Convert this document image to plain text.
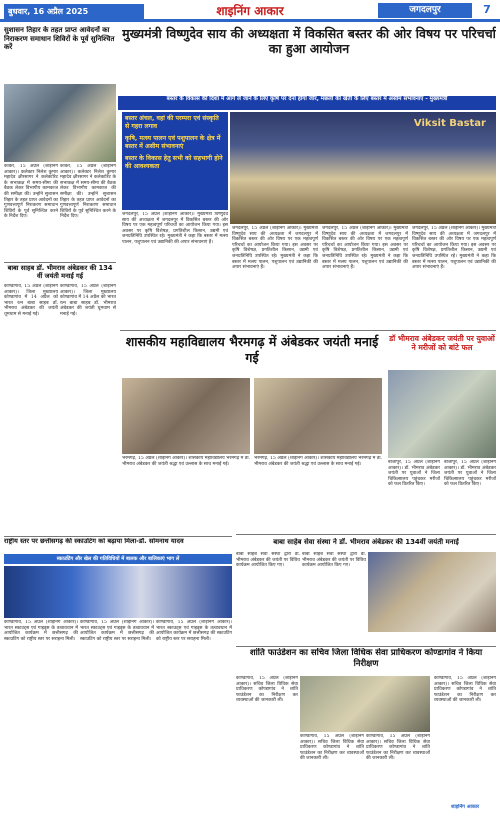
बुधवार, 16 अप्रैल 2025	शाइनिंग आकार	जगदलपुर	7
सुशासन तिहार के तहत प्राप्त आवेदनों का निराकरण समाधान शिविरों के पूर्व सुनिश्चित करें
कांकेर, 15 अप्रैल (शाइनिंग आकार)। कलेक्टर निलेश कुमार महादेव क्षीरसागर ने कलेक्टोरेट के सभाकक्ष में समय-सीमा की बैठक लेकर विभागीय कामकाज की समीक्षा की। उन्होंने सुशासन तिहार के तहत प्राप्त आवेदनों का गुणवत्तापूर्ण निराकरण समाधान शिविरों के पूर्व सुनिश्चित करने के निर्देश दिए।
कांकेर, 15 अप्रैल (शाइनिंग आकार)। कलेक्टर निलेश कुमार महादेव क्षीरसागर ने कलेक्टोरेट के सभाकक्ष में समय-सीमा की बैठक लेकर विभागीय कामकाज की समीक्षा की। उन्होंने सुशासन तिहार के तहत प्राप्त आवेदनों का गुणवत्तापूर्ण निराकरण समाधान शिविरों के पूर्व सुनिश्चित करने के निर्देश दिए।
मुख्यमंत्री विष्णुदेव साय की अध्यक्षता में विकसित बस्तर की ओर विषय पर परिचर्चा का हुआ आयोजन
बस्तर के विकास की दिशा में आगे ले जाने के लिए कृषि पर देना होगा जोर, मछली की खेती के लिए बस्तर में असीम संभावनाएं - मुख्यमंत्री
Viksit Bastar
बस्तर अंचल, वहां की परम्परा एवं संस्कृति से गहरा लगाव
कृषि, मत्स्य पालन एवं पशुपालन के क्षेत्र में बस्तर में असीम संभावनाएं
बस्तर के विकास हेतु सभी को सहभागी होने की आवश्यकता
जगदलपुर, 15 अप्रैल (शाइनिंग आकार)। मुख्यमंत्री विष्णुदेव साय की अध्यक्षता में जगदलपुर में विकसित बस्तर की ओर विषय पर एक महत्वपूर्ण परिचर्चा का आयोजन किया गया। इस अवसर पर कृषि विशेषज्ञ, प्रगतिशील किसान, उद्यमी एवं जनप्रतिनिधि उपस्थित रहे। मुख्यमंत्री ने कहा कि बस्तर में मत्स्य पालन, पशुपालन एवं उद्यानिकी की अपार संभावनाएं हैं।
जगदलपुर, 15 अप्रैल (शाइनिंग आकार)। मुख्यमंत्री विष्णुदेव साय की अध्यक्षता में जगदलपुर में विकसित बस्तर की ओर विषय पर एक महत्वपूर्ण परिचर्चा का आयोजन किया गया। इस अवसर पर कृषि विशेषज्ञ, प्रगतिशील किसान, उद्यमी एवं जनप्रतिनिधि उपस्थित रहे। मुख्यमंत्री ने कहा कि बस्तर में मत्स्य पालन, पशुपालन एवं उद्यानिकी की अपार संभावनाएं हैं।
जगदलपुर, 15 अप्रैल (शाइनिंग आकार)। मुख्यमंत्री विष्णुदेव साय की अध्यक्षता में जगदलपुर में विकसित बस्तर की ओर विषय पर एक महत्वपूर्ण परिचर्चा का आयोजन किया गया। इस अवसर पर कृषि विशेषज्ञ, प्रगतिशील किसान, उद्यमी एवं जनप्रतिनिधि उपस्थित रहे। मुख्यमंत्री ने कहा कि बस्तर में मत्स्य पालन, पशुपालन एवं उद्यानिकी की अपार संभावनाएं हैं।
जगदलपुर, 15 अप्रैल (शाइनिंग आकार)। मुख्यमंत्री विष्णुदेव साय की अध्यक्षता में जगदलपुर में विकसित बस्तर की ओर विषय पर एक महत्वपूर्ण परिचर्चा का आयोजन किया गया। इस अवसर पर कृषि विशेषज्ञ, प्रगतिशील किसान, उद्यमी एवं जनप्रतिनिधि उपस्थित रहे। मुख्यमंत्री ने कहा कि बस्तर में मत्स्य पालन, पशुपालन एवं उद्यानिकी की अपार संभावनाएं हैं।
बाबा साहब डॉ. भीमराव अंबेडकर की 134 वीं जयंती मनाई गई
कोण्डागांव, 15 अप्रैल (शाइनिंग आकार)। जिला मुख्यालय कोण्डागांव में 14 अप्रैल को भारत रत्न बाबा साहब डॉ. भीमराव अंबेडकर की जयंती धूमधाम से मनाई गई।
कोण्डागांव, 15 अप्रैल (शाइनिंग आकार)। जिला मुख्यालय कोण्डागांव में 14 अप्रैल को भारत रत्न बाबा साहब डॉ. भीमराव अंबेडकर की जयंती धूमधाम से मनाई गई।
शासकीय महाविद्यालय भैरमगढ़ में अंबेडकर जयंती मनाई गई
भैरमगढ़, 15 अप्रैल (शाइनिंग आकार)। शासकीय महाविद्यालय भैरमगढ़ में डॉ. भीमराव अंबेडकर की जयंती श्रद्धा एवं उल्लास के साथ मनाई गई।
भैरमगढ़, 15 अप्रैल (शाइनिंग आकार)। शासकीय महाविद्यालय भैरमगढ़ में डॉ. भीमराव अंबेडकर की जयंती श्रद्धा एवं उल्लास के साथ मनाई गई।
डॉ भीमराव अंबेडकर जयंती पर युवाओं ने मरीजों को बांटे फल
बीजापुर, 15 अप्रैल (शाइनिंग आकार)। डॉ. भीमराव अंबेडकर जयंती पर युवाओं ने जिला चिकित्सालय पहुंचकर मरीजों को फल वितरित किए।
बीजापुर, 15 अप्रैल (शाइनिंग आकार)। डॉ. भीमराव अंबेडकर जयंती पर युवाओं ने जिला चिकित्सालय पहुंचकर मरीजों को फल वितरित किए।
राष्ट्रीय स्तर पर छत्तीसगढ़ की स्काउटिंग को बढ़ाया मिला-डॉ. सोमनाथ यादव
स्काउटिंग और खेल की गतिविधियों में बालक और बालिकाएं भाग लें
कोण्डागांव, 15 अप्रैल (शाइनिंग आकार)। भारत स्काउट्स एवं गाइड्स के तत्वावधान में आयोजित कार्यक्रम में छत्तीसगढ़ की स्काउटिंग को राष्ट्रीय स्तर पर सराहना मिली।
कोण्डागांव, 15 अप्रैल (शाइनिंग आकार)। भारत स्काउट्स एवं गाइड्स के तत्वावधान में आयोजित कार्यक्रम में छत्तीसगढ़ की स्काउटिंग को राष्ट्रीय स्तर पर सराहना मिली।
कोण्डागांव, 15 अप्रैल (शाइनिंग आकार)। भारत स्काउट्स एवं गाइड्स के तत्वावधान में आयोजित कार्यक्रम में छत्तीसगढ़ की स्काउटिंग को राष्ट्रीय स्तर पर सराहना मिली।
बाबा साहेब सेवा संस्था ने डॉ. भीमराव अंबेडकर की 134वीं जयंती मनाई
बाबा साहेब सेवा संस्था द्वारा डॉ. भीमराव अंबेडकर की जयंती पर विविध कार्यक्रम आयोजित किए गए।
बाबा साहेब सेवा संस्था द्वारा डॉ. भीमराव अंबेडकर की जयंती पर विविध कार्यक्रम आयोजित किए गए।
शांति फाउंडेशन का सचिव जिला विधिक सेवा प्राधिकरण कोण्डागांव ने किया निरीक्षण
कोण्डागांव, 15 अप्रैल (शाइनिंग आकार)। सचिव जिला विधिक सेवा प्राधिकरण कोण्डागांव ने शांति फाउंडेशन का निरीक्षण कर व्यवस्थाओं की जानकारी ली।
कोण्डागांव, 15 अप्रैल (शाइनिंग आकार)। सचिव जिला विधिक सेवा प्राधिकरण कोण्डागांव ने शांति फाउंडेशन का निरीक्षण कर व्यवस्थाओं की जानकारी ली।
कोण्डागांव, 15 अप्रैल (शाइनिंग आकार)। सचिव जिला विधिक सेवा प्राधिकरण कोण्डागांव ने शांति फाउंडेशन का निरीक्षण कर व्यवस्थाओं की जानकारी ली।
कोण्डागांव, 15 अप्रैल (शाइनिंग आकार)। सचिव जिला विधिक सेवा प्राधिकरण कोण्डागांव ने शांति फाउंडेशन का निरीक्षण कर व्यवस्थाओं की जानकारी ली।
शाइनिंग आकार
